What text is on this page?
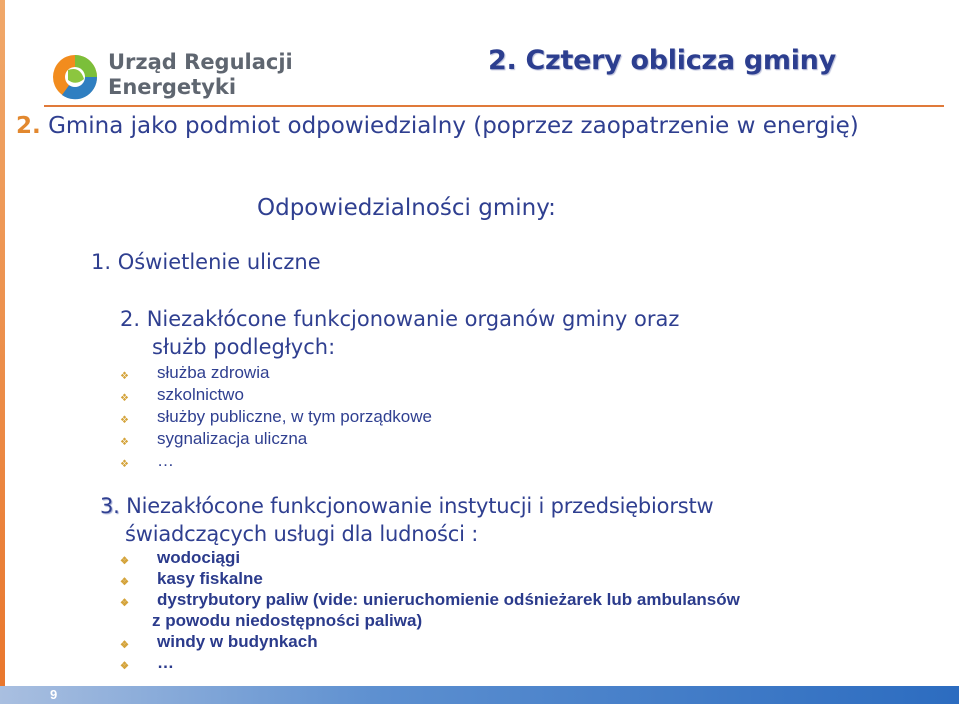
Urząd Regulacji
Energetyki
2. Cztery oblicza gminy
2. Gmina jako podmiot odpowiedzialny (poprzez zaopatrzenie w energię)
Odpowiedzialności gminy:
1. Oświetlenie uliczne
2. Niezakłócone funkcjonowanie organów gminy oraz
służb podległych:
❖ służba zdrowia
❖ szkolnictwo
❖ służby publiczne, w tym porządkowe
❖ sygnalizacja uliczna
❖ …
3. Niezakłócone funkcjonowanie instytucji i przedsiębiorstw
świadczących usługi dla ludności :
❖ wodociągi
❖ kasy fiskalne
❖ dystrybutory paliw (vide: unieruchomienie odśnieżarek lub ambulansów
z powodu niedostępności paliwa)
❖ windy w budynkach
❖ …
9
